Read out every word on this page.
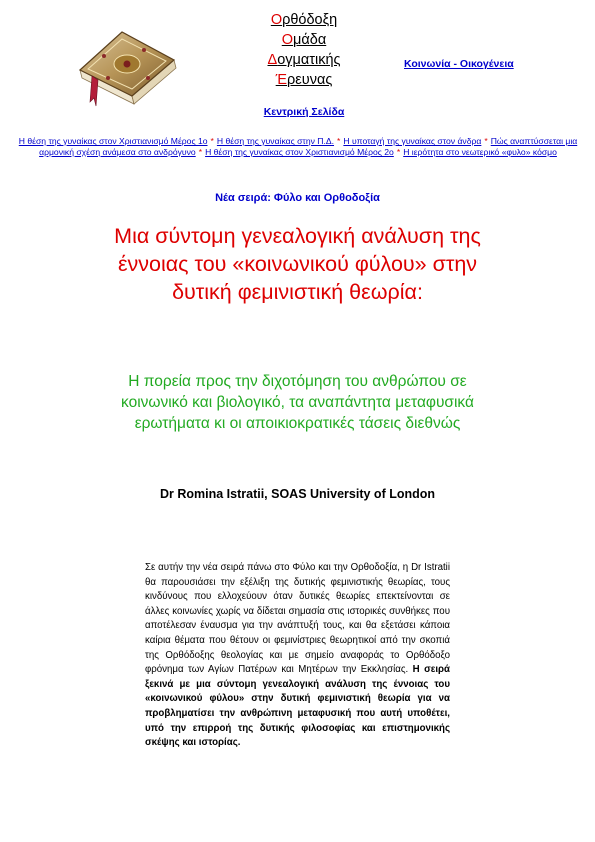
Ορθόδοξη
Ομάδα
Δογματικής
Έρευνας
Κοινωνία - Οικογένεια
Κεντρική Σελίδα
Η θέση της γυναίκας στον Χριστιανισμό Μέρος 1ο * Η θέση της γυναίκας στην Π.Δ. * Η υποταγή της γυναίκας στον άνδρα * Πώς αναπτύσσεται μια αρμονική σχέση ανάμεσα στο ανδρόγυνο * Η θέση της γυναίκας στον Χριστιανισμό Μέρος 2ο * Η ιερότητα στο νεωτερικό «φυλο» κόσμο
Νέα σειρά: Φύλο και Ορθοδοξία
Μια σύντομη γενεαλογική ανάλυση της έννοιας του «κοινωνικού φύλου» στην δυτική φεμινιστική θεωρία:
Η πορεία προς την διχοτόμηση του ανθρώπου σε κοινωνικό και βιολογικό, τα αναπάντητα μεταφυσικά ερωτήματα κι οι αποικιοκρατικές τάσεις διεθνώς
Dr Romina Istratii, SOAS University of London
Σε αυτήν την νέα σειρά πάνω στο Φύλο και την Ορθοδοξία, η Dr Istratii θα παρουσιάσει την εξέλιξη της δυτικής φεμινιστικής θεωρίας, τους κινδύνους που ελλοχεύουν όταν δυτικές θεωρίες επεκτείνονται σε άλλες κοινωνίες χωρίς να δίδεται σημασία στις ιστορικές συνθήκες που αποτέλεσαν έναυσμα για την ανάπτυξή τους, και θα εξετάσει κάποια καίρια θέματα που θέτουν οι φεμινίστριες θεωρητικοί από την σκοπιά της Ορθόδοξης θεολογίας και με σημείο αναφοράς το Ορθόδοξο φρόνημα των Αγίων Πατέρων και Μητέρων την Εκκλησίας. Η σειρά ξεκινά με μια σύντομη γενεαλογική ανάλυση της έννοιας του «κοινωνικού φύλου» στην δυτική φεμινιστική θεωρία για να προβληματίσει την ανθρώπινη μεταφυσική που αυτή υποθέτει, υπό την επιρροή της δυτικής φιλοσοφίας και επιστημονικής σκέψης και ιστορίας.
